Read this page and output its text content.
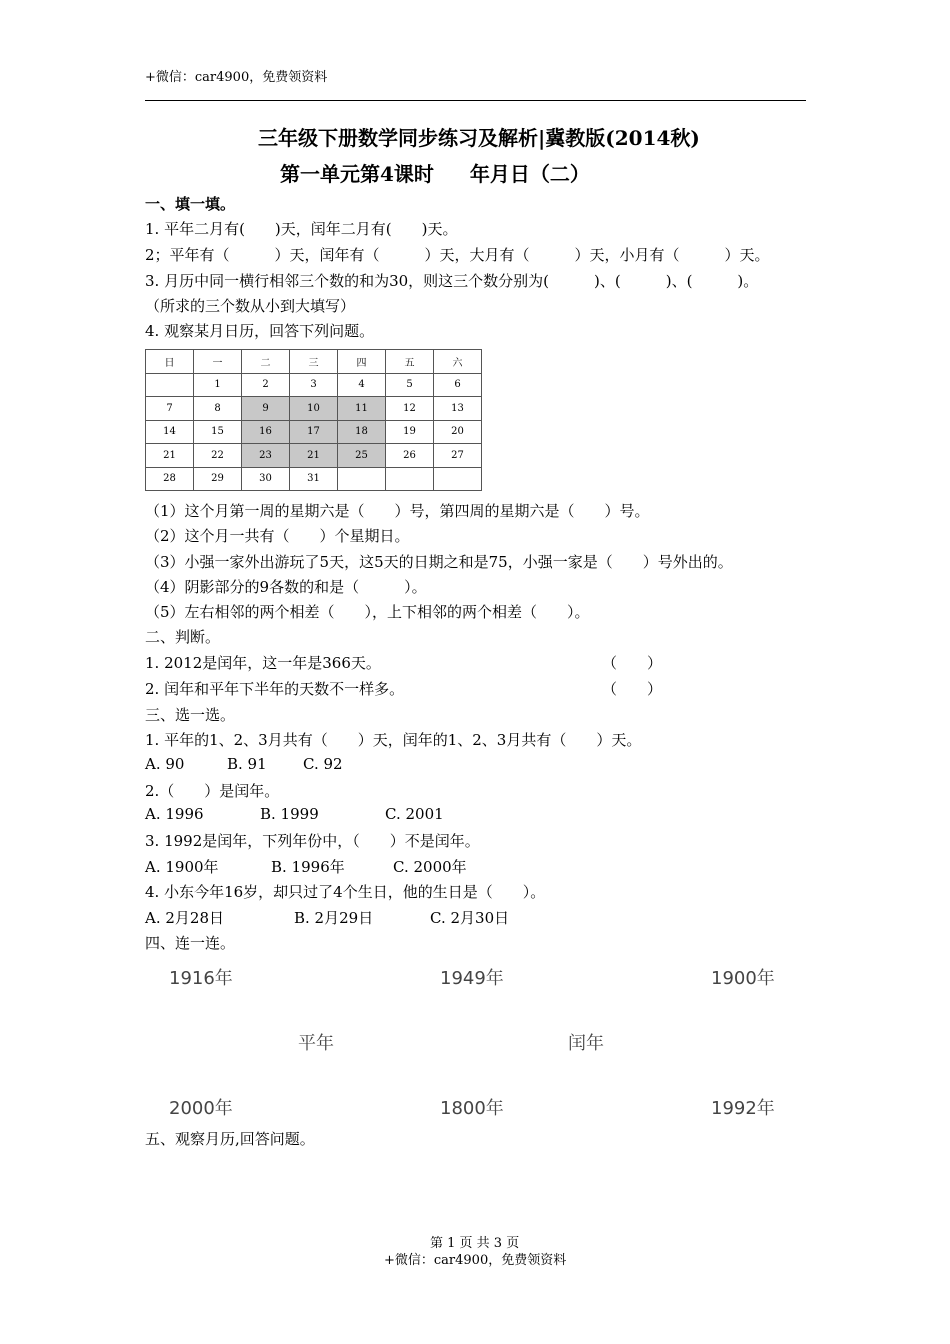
+微信：car4900，免费领资料
三年级下册数学同步练习及解析|冀教版(2014秋)
第一单元第4课时 年月日（二）
一、填一填。
1. 平年二月有(　　)天，闰年二月有(　　)天。
2；平年有（　　　）天，闰年有（　　　）天，大月有（　　　）天，小月有（　　　）天。
3. 月历中同一横行相邻三个数的和为30，则这三个数分别为(　　　)、(　　　)、(　　　)。
（所求的三个数从小到大填写）
4. 观察某月日历，回答下列问题。
日	一	二	三	四	五	六
	1	2	3	4	5	6
7	8	9	10	11	12	13
14	15	16	17	18	19	20
21	22	23	21	25	26	27
28	29	30	31			
（1）这个月第一周的星期六是（　　）号，第四周的星期六是（　　）号。
（2）这个月一共有（　　）个星期日。
（3）小强一家外出游玩了5天，这5天的日期之和是75，小强一家是（　　）号外出的。
（4）阴影部分的9各数的和是（　　　）。
（5）左右相邻的两个相差（　　），上下相邻的两个相差（　　）。
二、判断。
1. 2012是闰年，这一年是366天。	（　　）
2. 闰年和平年下半年的天数不一样多。	（　　）
三、选一选。
1. 平年的1、2、3月共有（　　）天，闰年的1、2、3月共有（　　）天。
A. 90	B. 91 C. 92
2.（　　）是闰年。
A. 1996	B. 1999	C. 2001
3. 1992是闰年，下列年份中，（　　）不是闰年。
A. 1900年	B. 1996年	C. 2000年
4. 小东今年16岁，却只过了4个生日，他的生日是（　　）。
A. 2月28日	B. 2月29日	C. 2月30日
四、连一连。
1916年	1949年	1900年
平年	闰年
2000年	1800年	1992年
五、观察月历,回答问题。
第 1 页 共 3 页
+微信：car4900，免费领资料
